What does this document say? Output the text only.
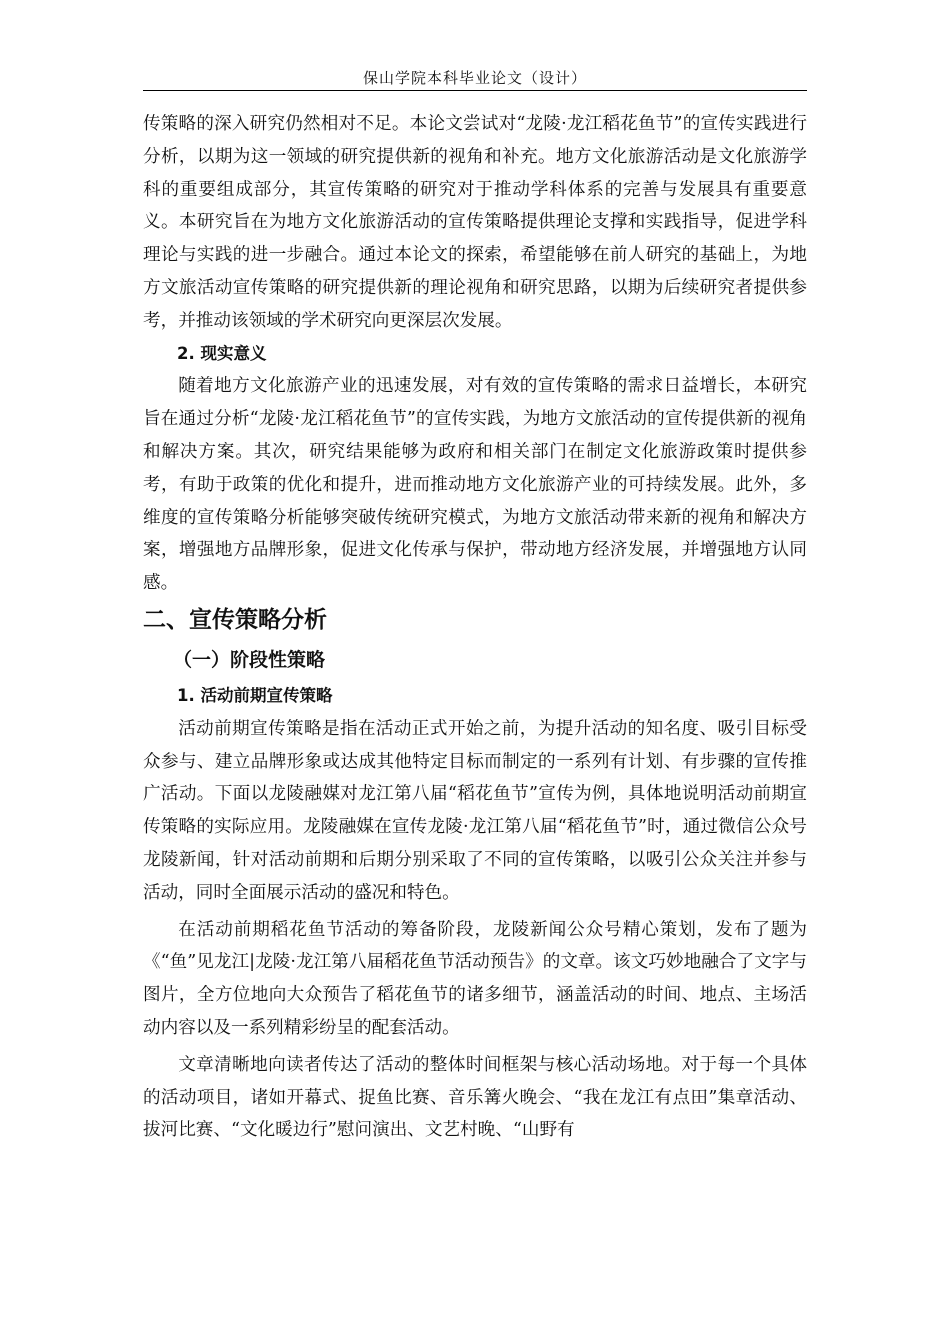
保山学院本科毕业论文（设计）

传策略的深入研究仍然相对不足。本论文尝试对“龙陵·龙江稻花鱼节”的宣传实践进行分析，以期为这一领域的研究提供新的视角和补充。地方文化旅游活动是文化旅游学科的重要组成部分，其宣传策略的研究对于推动学科体系的完善与发展具有重要意义。本研究旨在为地方文化旅游活动的宣传策略提供理论支撑和实践指导，促进学科理论与实践的进一步融合。通过本论文的探索，希望能够在前人研究的基础上，为地方文旅活动宣传策略的研究提供新的理论视角和研究思路，以期为后续研究者提供参考，并推动该领域的学术研究向更深层次发展。

2. 现实意义

随着地方文化旅游产业的迅速发展，对有效的宣传策略的需求日益增长，本研究旨在通过分析“龙陵·龙江稻花鱼节”的宣传实践，为地方文旅活动的宣传提供新的视角和解决方案。其次，研究结果能够为政府和相关部门在制定文化旅游政策时提供参考，有助于政策的优化和提升，进而推动地方文化旅游产业的可持续发展。此外，多维度的宣传策略分析能够突破传统研究模式，为地方文旅活动带来新的视角和解决方案，增强地方品牌形象，促进文化传承与保护，带动地方经济发展，并增强地方认同感。

二、宣传策略分析
（一）阶段性策略
1. 活动前期宣传策略

活动前期宣传策略是指在活动正式开始之前，为提升活动的知名度、吸引目标受众参与、建立品牌形象或达成其他特定目标而制定的一系列有计划、有步骤的宣传推广活动。下面以龙陵融媒对龙江第八届“稻花鱼节”宣传为例，具体地说明活动前期宣传策略的实际应用。龙陵融媒在宣传龙陵·龙江第八届“稻花鱼节”时，通过微信公众号龙陵新闻，针对活动前期和后期分别采取了不同的宣传策略，以吸引公众关注并参与活动，同时全面展示活动的盛况和特色。

在活动前期稻花鱼节活动的筹备阶段，龙陵新闻公众号精心策划，发布了题为《“鱼”见龙江|龙陵·龙江第八届稻花鱼节活动预告》的文章。该文巧妙地融合了文字与图片，全方位地向大众预告了稻花鱼节的诸多细节，涵盖活动的时间、地点、主场活动内容以及一系列精彩纷呈的配套活动。

文章清晰地向读者传达了活动的整体时间框架与核心活动场地。对于每一个具体的活动项目，诸如开幕式、捉鱼比赛、音乐篝火晚会、“我在龙江有点田”集章活动、拔河比赛、“文化暖边行”慰问演出、文艺村晚、“山野有
